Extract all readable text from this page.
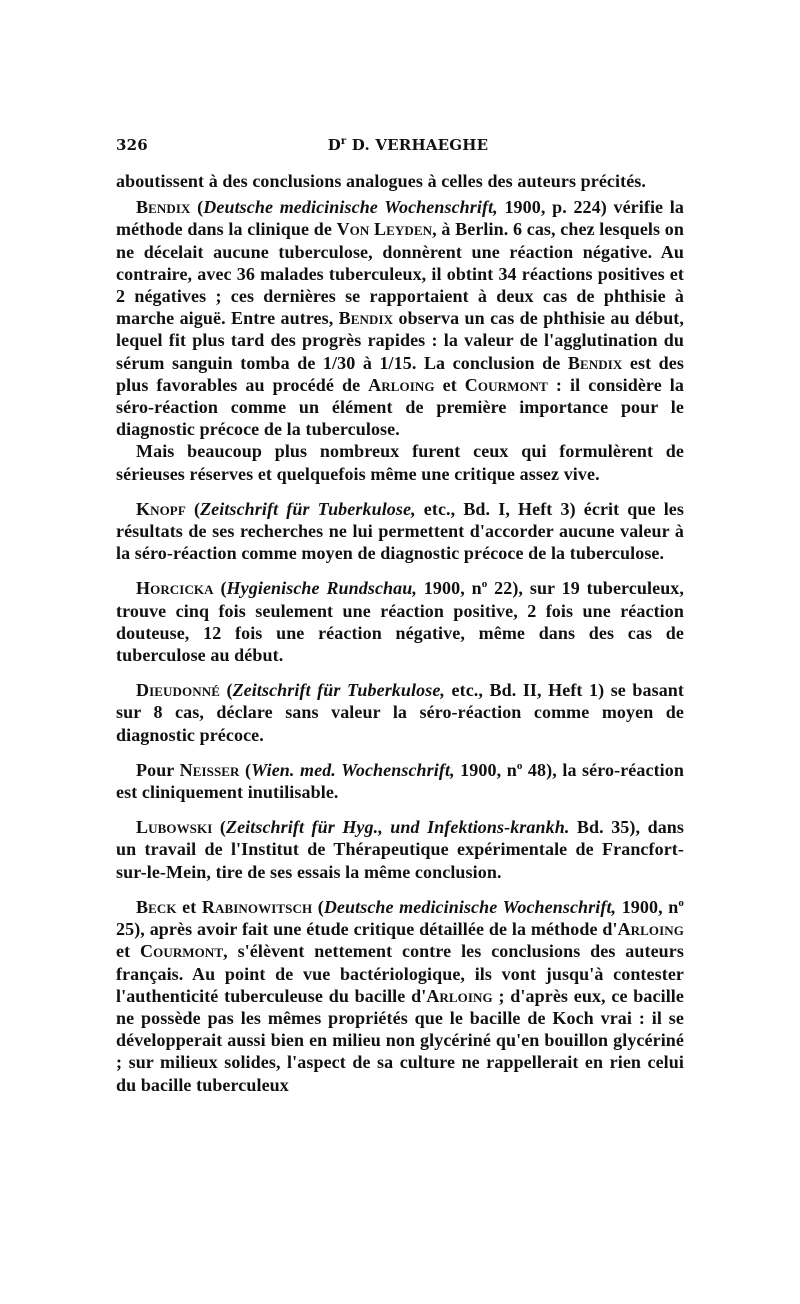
326	$D^r$ D. VERHAEGHE

aboutissent à des conclusions analogues à celles des auteurs précités.

Bendix (Deutsche medicinische Wochenschrift, 1900, p. 224) vérifie la méthode dans la clinique de Von Leyden, à Berlin. 6 cas, chez lesquels on ne décelait aucune tuberculose, donnèrent une réaction négative. Au contraire, avec 36 malades tuberculeux, il obtint 34 réactions positives et 2 négatives ; ces dernières se rapportaient à deux cas de phthisie à marche aiguë. Entre autres, Bendix observa un cas de phthisie au début, lequel fit plus tard des progrès rapides : la valeur de l'agglutination du sérum sanguin tomba de 1/30 à 1/15. La conclusion de Bendix est des plus favorables au procédé de Arloing et Courmont : il considère la séro-réaction comme un élément de première importance pour le diagnostic précoce de la tuberculose.

Mais beaucoup plus nombreux furent ceux qui formulèrent de sérieuses réserves et quelquefois même une critique assez vive.

Knopf (Zeitschrift für Tuberkulose, etc., Bd. I, Heft 3) écrit que les résultats de ses recherches ne lui permettent d'accorder aucune valeur à la séro-réaction comme moyen de diagnostic précoce de la tuberculose.

Horcicka (Hygienische Rundschau, 1900, $n^o$ 22), sur 19 tuberculeux, trouve cinq fois seulement une réaction positive, 2 fois une réaction douteuse, 12 fois une réaction négative, même dans des cas de tuberculose au début.

Dieudonné (Zeitschrift für Tuberkulose, etc., Bd. II, Heft 1) se basant sur 8 cas, déclare sans valeur la séro-réaction comme moyen de diagnostic précoce.

Pour Neisser (Wien. med. Wochenschrift, 1900, $n^o$ 48), la séro-réaction est cliniquement inutilisable.

Lubowski (Zeitschrift für Hyg., und Infektions-krankh. Bd. 35), dans un travail de l'Institut de Thérapeutique expérimentale de Francfort-sur-le-Mein, tire de ses essais la même conclusion.

Beck et Rabinowitsch (Deutsche medicinische Wochenschrift, 1900, $n^o$ 25), après avoir fait une étude critique détaillée de la méthode d'Arloing et Courmont, s'élèvent nettement contre les conclusions des auteurs français. Au point de vue bactériologique, ils vont jusqu'à contester l'authenticité tuberculeuse du bacille d'Arloing ; d'après eux, ce bacille ne possède pas les mêmes propriétés que le bacille de Koch vrai : il se développerait aussi bien en milieu non glycériné qu'en bouillon glycériné ; sur milieux solides, l'aspect de sa culture ne rappellerait en rien celui du bacille tuberculeux
